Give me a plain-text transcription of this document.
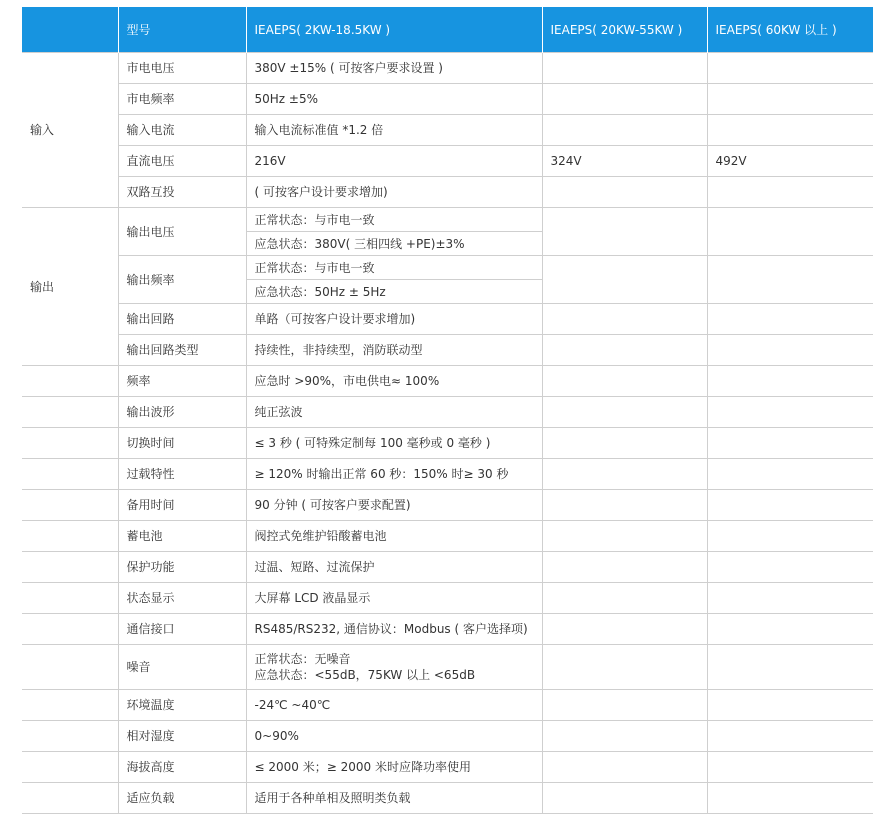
	型号	IEAEPS( 2KW-18.5KW )	IEAEPS( 20KW-55KW )	IEAEPS( 60KW 以上 )
输入	市电电压	380V ±15% ( 可按客户要求设置 )		
	市电频率	50Hz ±5%		
	输入电流	输入电流标准值 *1.2 倍		
	直流电压	216V	324V	492V
	双路互投	( 可按客户设计要求增加)		
输出	输出电压	正常状态：与市电一致		
		应急状态：380V( 三相四线 +PE)±3%		
	输出频率	正常状态：与市电一致		
		应急状态：50Hz ± 5Hz		
	输出回路	单路（可按客户设计要求增加)		
	输出回路类型	持续性，非持续型，消防联动型		
	频率	应急时 >90%，市电供电≈ 100%		
	输出波形	纯正弦波		
	切换时间	≤ 3 秒 ( 可特殊定制每 100 毫秒或 0 毫秒 )		
	过载特性	≥ 120% 时输出正常 60 秒：150% 时≥ 30 秒		
	备用时间	90 分钟 ( 可按客户要求配置)		
	蓄电池	阀控式免维护铅酸蓄电池		
	保护功能	过温、短路、过流保护		
	状态显示	大屏幕 LCD 液晶显示		
	通信接口	RS485/RS232, 通信协议：Modbus ( 客户选择项)		
	噪音	正常状态：无噪音
应急状态：<55dB，75KW 以上 <65dB		

	环境温度	-24℃ ~40℃		
	相对湿度	0~90%		
	海拔高度	≤ 2000 米；≥ 2000 米时应降功率使用		
	适应负载	适用于各种单相及照明类负载		
